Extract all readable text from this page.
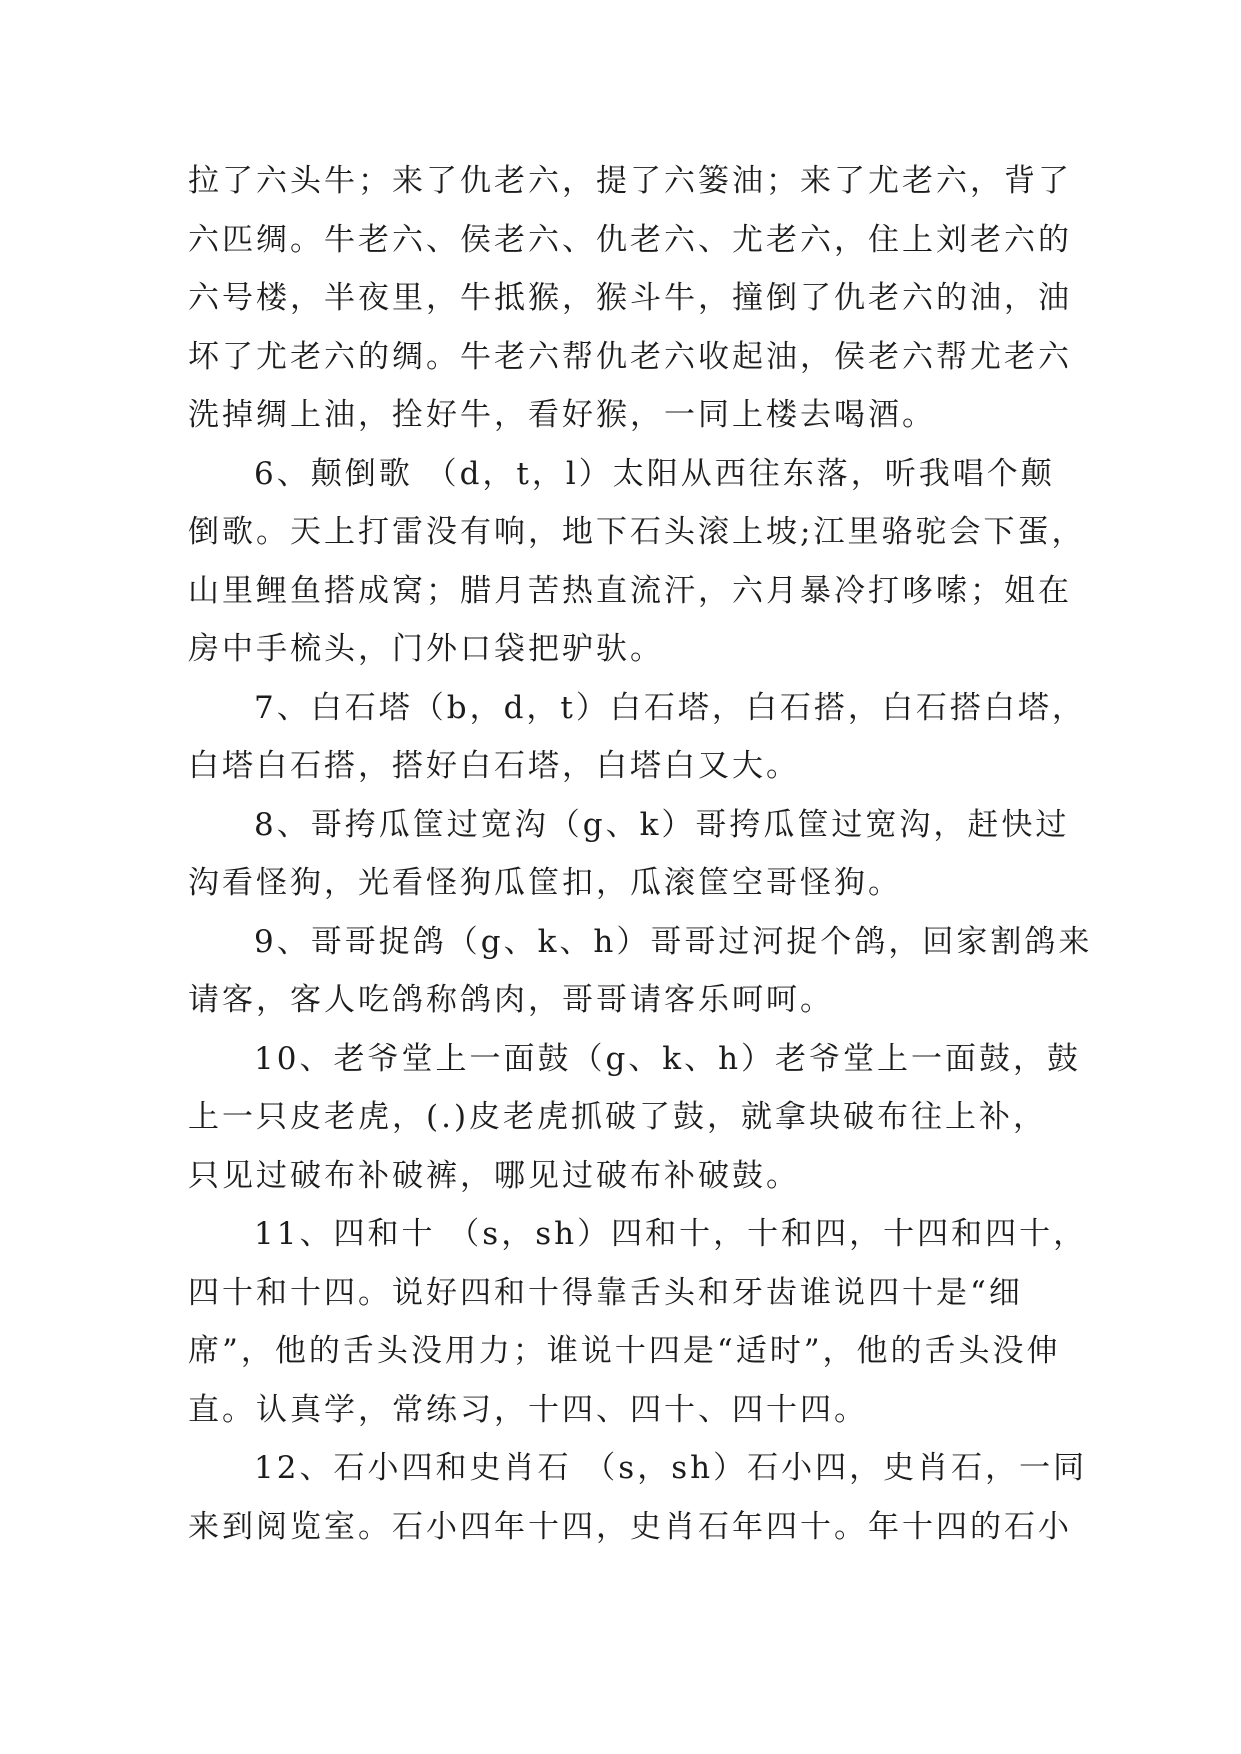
拉了六头牛；来了仇老六，提了六篓油；来了尤老六，背了
六匹绸。牛老六、侯老六、仇老六、尤老六，住上刘老六的
六号楼，半夜里，牛抵猴，猴斗牛，撞倒了仇老六的油，油
坏了尤老六的绸。牛老六帮仇老六收起油，侯老六帮尤老六
洗掉绸上油，拴好牛，看好猴，一同上楼去喝酒。
6、颠倒歌 （d，t，l）太阳从西往东落，听我唱个颠
倒歌。天上打雷没有响，地下石头滚上坡;江里骆驼会下蛋，
山里鲤鱼搭成窝；腊月苦热直流汗，六月暴冷打哆嗦；姐在
房中手梳头，门外口袋把驴驮。
7、白石塔（b，d，t）白石塔，白石搭，白石搭白塔，
白塔白石搭，搭好白石塔，白塔白又大。
8、哥挎瓜筐过宽沟（g、k）哥挎瓜筐过宽沟，赶快过
沟看怪狗，光看怪狗瓜筐扣，瓜滚筐空哥怪狗。
9、哥哥捉鸽（g、k、h）哥哥过河捉个鸽，回家割鸽来
请客，客人吃鸽称鸽肉，哥哥请客乐呵呵。
10、老爷堂上一面鼓（g、k、h）老爷堂上一面鼓，鼓
上一只皮老虎，(.)皮老虎抓破了鼓，就拿块破布往上补，
只见过破布补破裤，哪见过破布补破鼓。
11、四和十 （s，sh）四和十，十和四，十四和四十，
四十和十四。说好四和十得靠舌头和牙齿谁说四十是“细
席”，他的舌头没用力；谁说十四是“适时”，他的舌头没伸
直。认真学，常练习，十四、四十、四十四。
12、石小四和史肖石 （s，sh）石小四，史肖石，一同
来到阅览室。石小四年十四，史肖石年四十。年十四的石小
